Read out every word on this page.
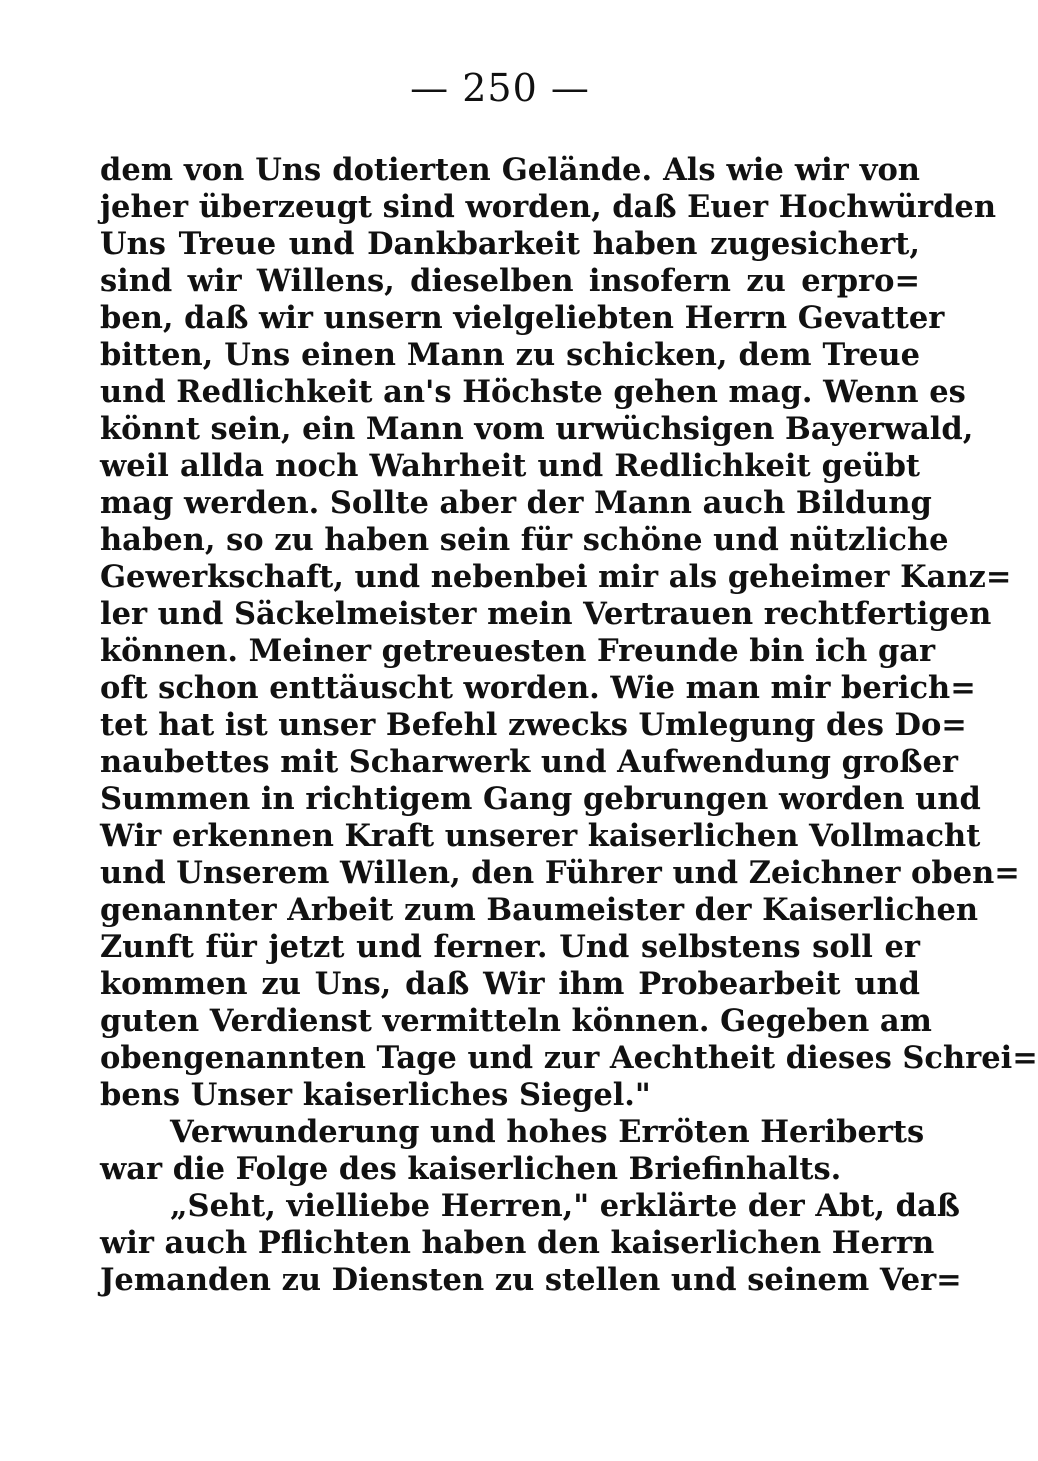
— 250 —
dem von Uns dotierten Gelände. Als wie wir von
jeher überzeugt sind worden, daß Euer Hochwürden
Uns Treue und Dankbarkeit haben zugesichert,
sind wir Willens, dieselben insofern zu erpro=
ben, daß wir unsern vielgeliebten Herrn Gevatter
bitten, Uns einen Mann zu schicken, dem Treue
und Redlichkeit an's Höchste gehen mag. Wenn es
könnt sein, ein Mann vom urwüchsigen Bayerwald,
weil allda noch Wahrheit und Redlichkeit geübt
mag werden. Sollte aber der Mann auch Bildung
haben, so zu haben sein für schöne und nützliche
Gewerkschaft, und nebenbei mir als geheimer Kanz=
ler und Säckelmeister mein Vertrauen rechtfertigen
können. Meiner getreuesten Freunde bin ich gar
oft schon enttäuscht worden. Wie man mir berich=
tet hat ist unser Befehl zwecks Umlegung des Do=
naubettes mit Scharwerk und Aufwendung großer
Summen in richtigem Gang gebrungen worden und
Wir erkennen Kraft unserer kaiserlichen Vollmacht
und Unserem Willen, den Führer und Zeichner oben=
genannter Arbeit zum Baumeister der Kaiserlichen
Zunft für jetzt und ferner. Und selbstens soll er
kommen zu Uns, daß Wir ihm Probearbeit und
guten Verdienst vermitteln können. Gegeben am
obengenannten Tage und zur Aechtheit dieses Schrei=
bens Unser kaiserliches Siegel."
Verwunderung und hohes Erröten Heriberts
war die Folge des kaiserlichen Briefinhalts.
„Seht, vielliebe Herren," erklärte der Abt, daß
wir auch Pflichten haben den kaiserlichen Herrn
Jemanden zu Diensten zu stellen und seinem Ver=
